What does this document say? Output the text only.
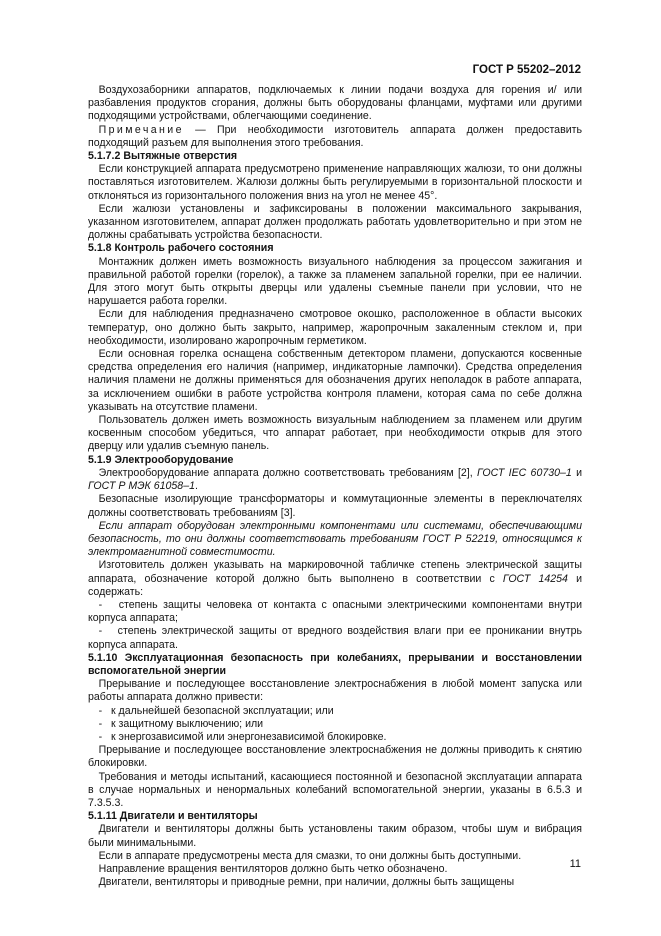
ГОСТ Р 55202–2012

Воздухозаборники аппаратов, подключаемых к линии подачи воздуха для горения и/ или разбавления продуктов сгорания, должны быть оборудованы фланцами, муфтами или другими подходящими устройствами, облегчающими соединение.

Примечание — При необходимости изготовитель аппарата должен предоставить подходящий разъем для выполнения этого требования.

5.1.7.2 Вытяжные отверстия

Если конструкцией аппарата предусмотрено применение направляющих жалюзи, то они должны поставляться изготовителем. Жалюзи должны быть регулируемыми в горизонтальной плоскости и отклоняться из горизонтального положения вниз на угол не менее 45°.

Если жалюзи установлены и зафиксированы в положении максимального закрывания, указанном изготовителем, аппарат должен продолжать работать удовлетворительно и при этом не должны срабатывать устройства безопасности.

5.1.8 Контроль рабочего состояния

Монтажник должен иметь возможность визуального наблюдения за процессом зажигания и правильной работой горелки (горелок), а также за пламенем запальной горелки, при ее наличии. Для этого могут быть открыты дверцы или удалены съемные панели при условии, что не нарушается работа горелки.

Если для наблюдения предназначено смотровое окошко, расположенное в области высоких температур, оно должно быть закрыто, например, жаропрочным закаленным стеклом и, при необходимости, изолировано жаропрочным герметиком.

Если основная горелка оснащена собственным детектором пламени, допускаются косвенные средства определения его наличия (например, индикаторные лампочки). Средства определения наличия пламени не должны применяться для обозначения других неполадок в работе аппарата, за исключением ошибки в работе устройства контроля пламени, которая сама по себе должна указывать на отсутствие пламени.

Пользователь должен иметь возможность визуальным наблюдением за пламенем или другим косвенным способом убедиться, что аппарат работает, при необходимости открыв для этого дверцу или удалив съемную панель.

5.1.9 Электрооборудование

Электрооборудование аппарата должно соответствовать требованиям [2], ГОСТ IEC 60730–1 и ГОСТ Р МЭК 61058–1.

Безопасные изолирующие трансформаторы и коммутационные элементы в переключателях должны соответствовать требованиям [3].

Если аппарат оборудован электронными компонентами или системами, обеспечивающими безопасность, то они должны соответствовать требованиям ГОСТ Р 52219, относящимся к электромагнитной совместимости.

Изготовитель должен указывать на маркировочной табличке степень электрической защиты аппарата, обозначение которой должно быть выполнено в соответствии с ГОСТ 14254 и содержать:

- степень защиты человека от контакта с опасными электрическими компонентами внутри корпуса аппарата;

- степень электрической защиты от вредного воздействия влаги при ее проникании внутрь корпуса аппарата.

5.1.10 Эксплуатационная безопасность при колебаниях, прерывании и восстановлении вспомогательной энергии

Прерывание и последующее восстановление электроснабжения в любой момент запуска или работы аппарата должно привести:

- к дальнейшей безопасной эксплуатации; или

- к защитному выключению; или

- к энергозависимой или энергонезависимой блокировке.

Прерывание и последующее восстановление электроснабжения не должны приводить к снятию блокировки.

Требования и методы испытаний, касающиеся постоянной и безопасной эксплуатации аппарата в случае нормальных и ненормальных колебаний вспомогательной энергии, указаны в 6.5.3 и 7.3.5.3.

5.1.11 Двигатели и вентиляторы

Двигатели и вентиляторы должны быть установлены таким образом, чтобы шум и вибрация были минимальными.

Если в аппарате предусмотрены места для смазки, то они должны быть доступными.

Направление вращения вентиляторов должно быть четко обозначено.

Двигатели, вентиляторы и приводные ремни, при наличии, должны быть защищены

11
